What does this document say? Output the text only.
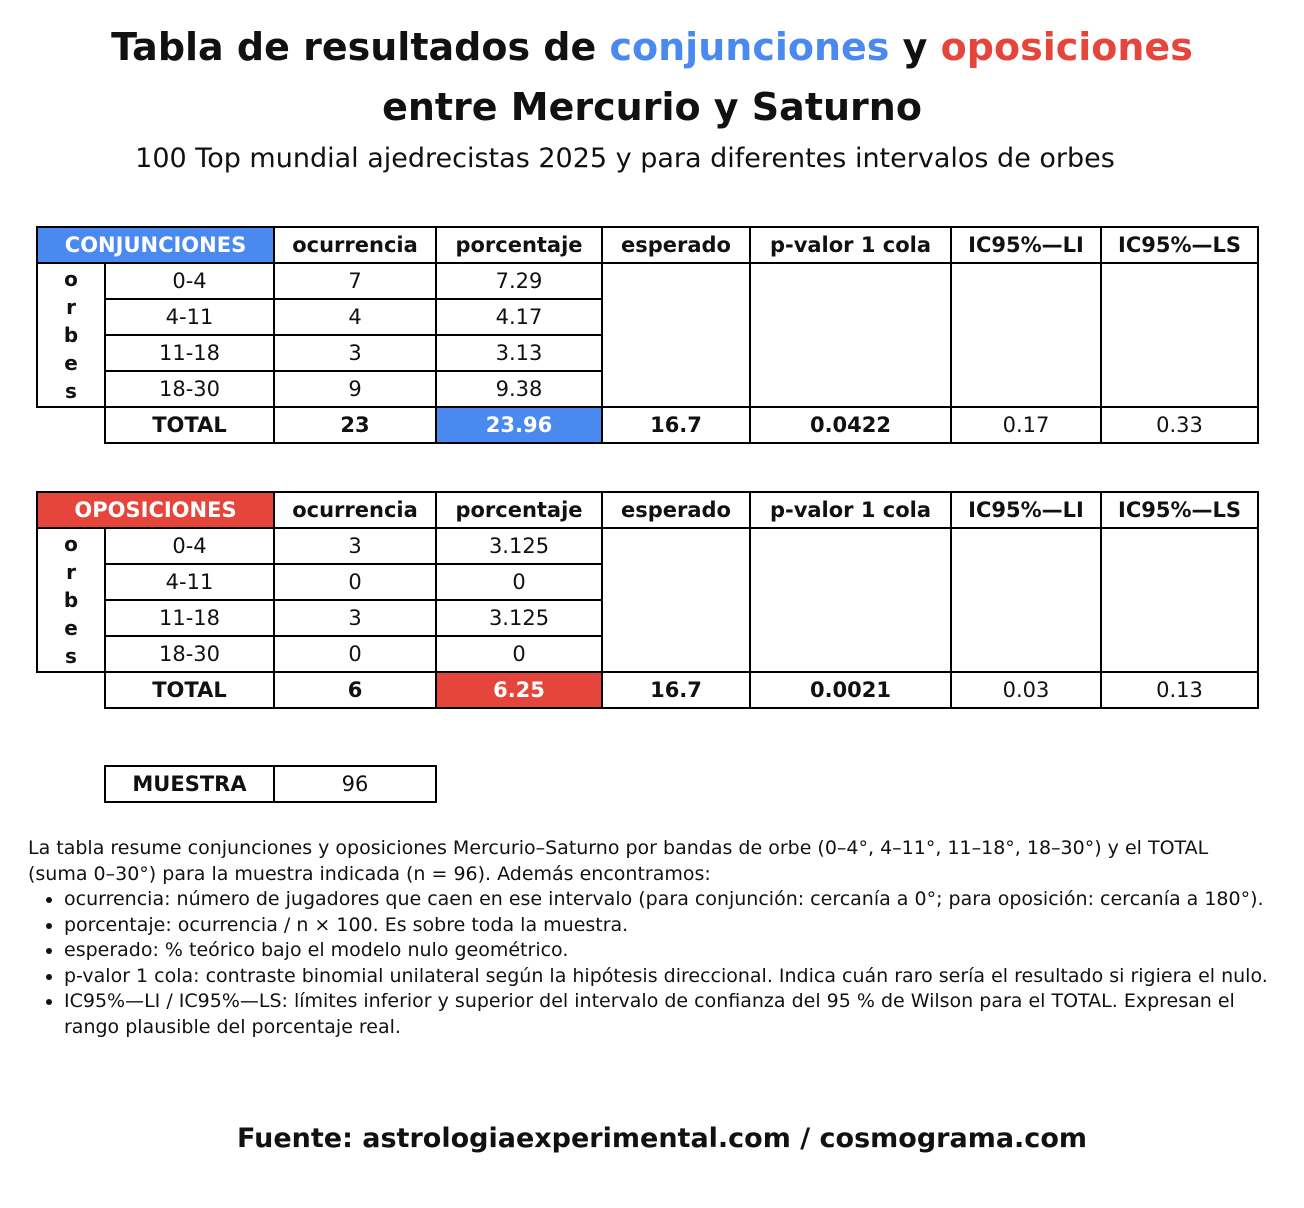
Tabla de resultados de conjunciones y oposiciones
entre Mercurio y Saturno

100 Top mundial ajedrecistas 2025 y para diferentes intervalos de orbes

CONJUNCIONES		ocurrencia	porcentaje	esperado	p-valor 1 cola	IC95%—LI	IC95%—LS
o
r
b
e
s	0-4	7	7.29				
	4-11	4	4.17				
	11-18	3	3.13				
	18-30	9	9.38				
	TOTAL	23	23.96	16.7	0.0422	0.17	0.33
OPOSICIONES		ocurrencia	porcentaje	esperado	p-valor 1 cola	IC95%—LI	IC95%—LS
o
r
b
e
s	0-4	3	3.125				
	4-11	0	0				
	11-18	3	3.125				
	18-30	0	0				
	TOTAL	6	6.25	16.7	0.0021	0.03	0.13
MUESTRA	96

La tabla resume conjunciones y oposiciones Mercurio–Saturno por bandas de orbe (0–4°, 4–11°, 11–18°, 18–30°) y el TOTAL (suma 0–30°) para la muestra indicada (n = 96). Además encontramos:

• ocurrencia: número de jugadores que caen en ese intervalo (para conjunción: cercanía a 0°; para oposición: cercanía a 180°).
• porcentaje: ocurrencia / n × 100. Es sobre toda la muestra.
• esperado: % teórico bajo el modelo nulo geométrico.
• p-valor 1 cola: contraste binomial unilateral según la hipótesis direccional. Indica cuán raro sería el resultado si rigiera el nulo.
• IC95%—LI / IC95%—LS: límites inferior y superior del intervalo de confianza del 95 % de Wilson para el TOTAL. Expresan el rango plausible del porcentaje real.

Fuente: astrologiaexperimental.com / cosmograma.com
